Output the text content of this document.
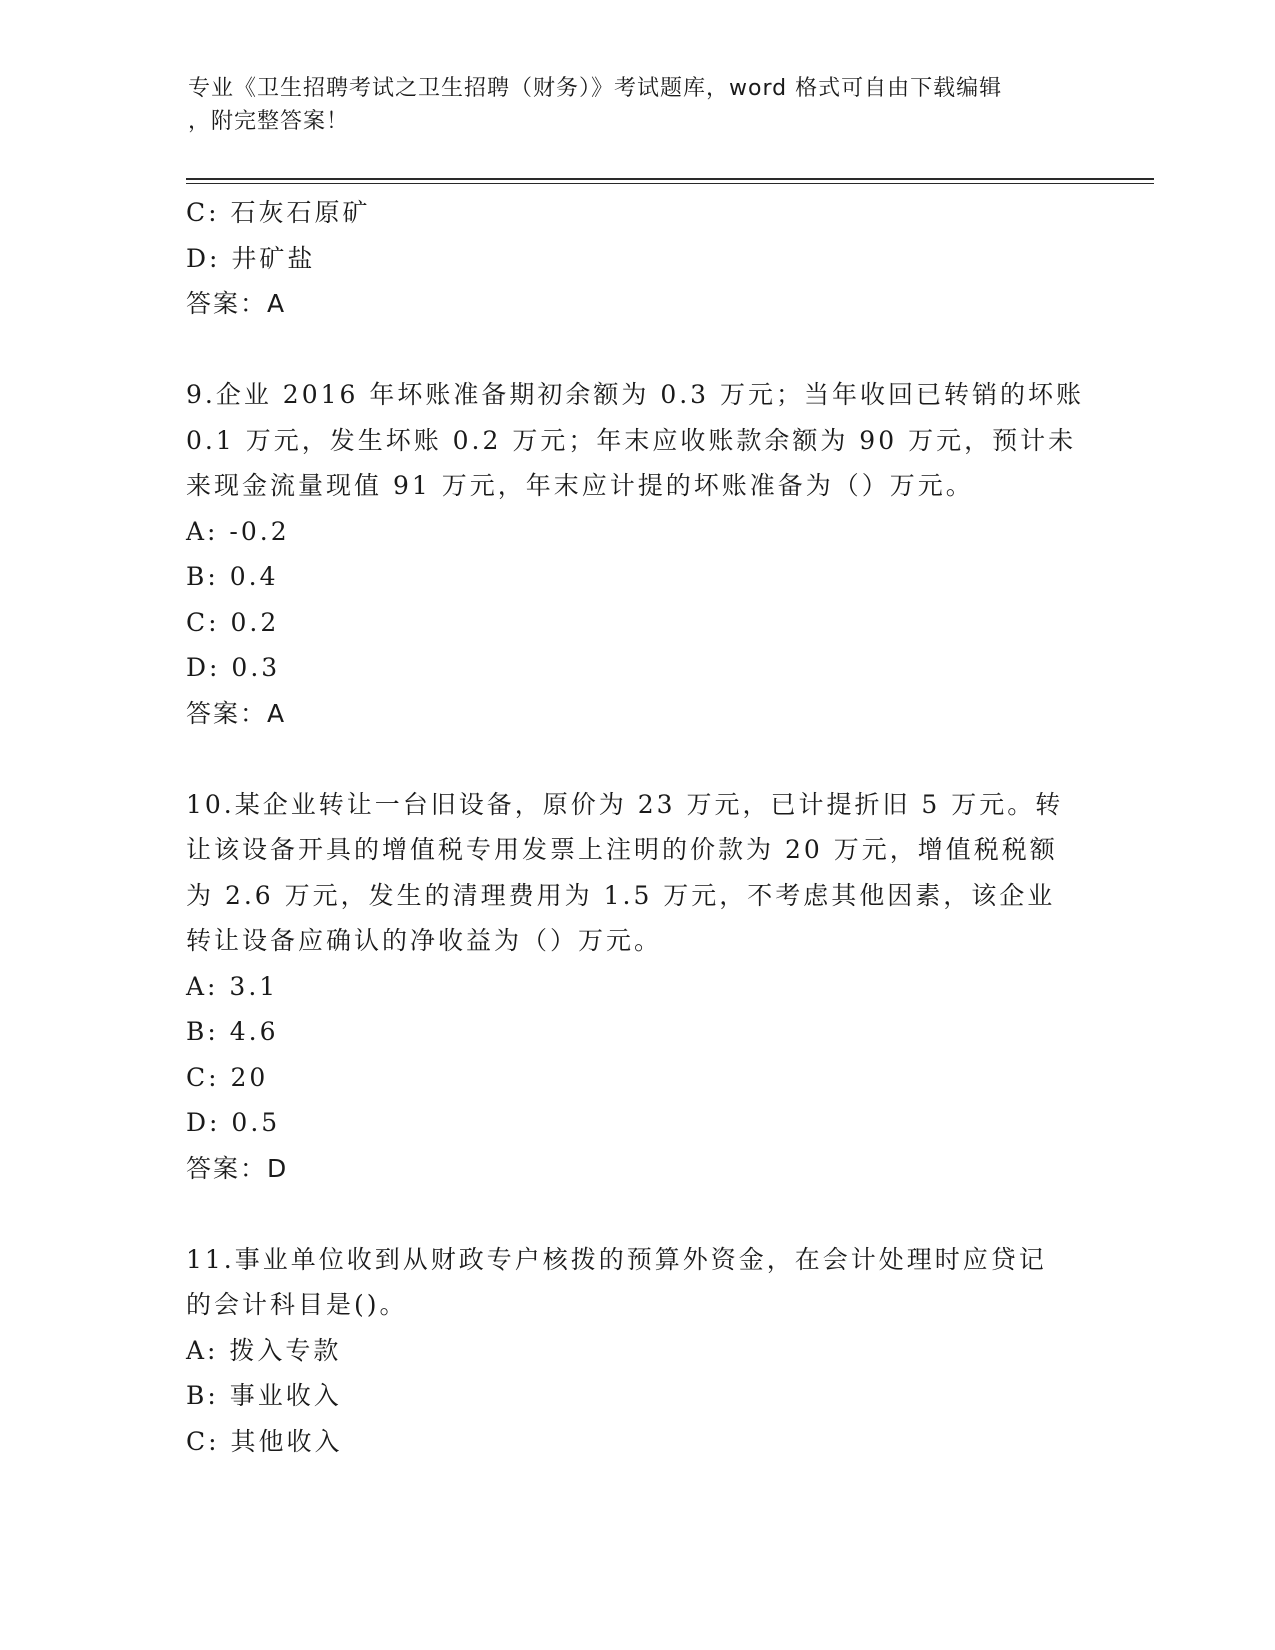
专业《卫生招聘考试之卫生招聘（财务）》考试题库，word 格式可自由下载编辑
，附完整答案！
C: 石灰石原矿
D: 井矿盐
答案：A
9.企业 2016 年坏账准备期初余额为 0.3 万元；当年收回已转销的坏账
0.1 万元，发生坏账 0.2 万元；年末应收账款余额为 90 万元，预计未
来现金流量现值 91 万元，年末应计提的坏账准备为（）万元。
A: -0.2
B: 0.4
C: 0.2
D: 0.3
答案：A
10.某企业转让一台旧设备，原价为 23 万元，已计提折旧 5 万元。转
让该设备开具的增值税专用发票上注明的价款为 20 万元，增值税税额
为 2.6 万元，发生的清理费用为 1.5 万元，不考虑其他因素，该企业
转让设备应确认的净收益为（）万元。
A: 3.1
B: 4.6
C: 20
D: 0.5
答案：D
11.事业单位收到从财政专户核拨的预算外资金，在会计处理时应贷记
的会计科目是()。
A: 拨入专款
B: 事业收入
C: 其他收入
